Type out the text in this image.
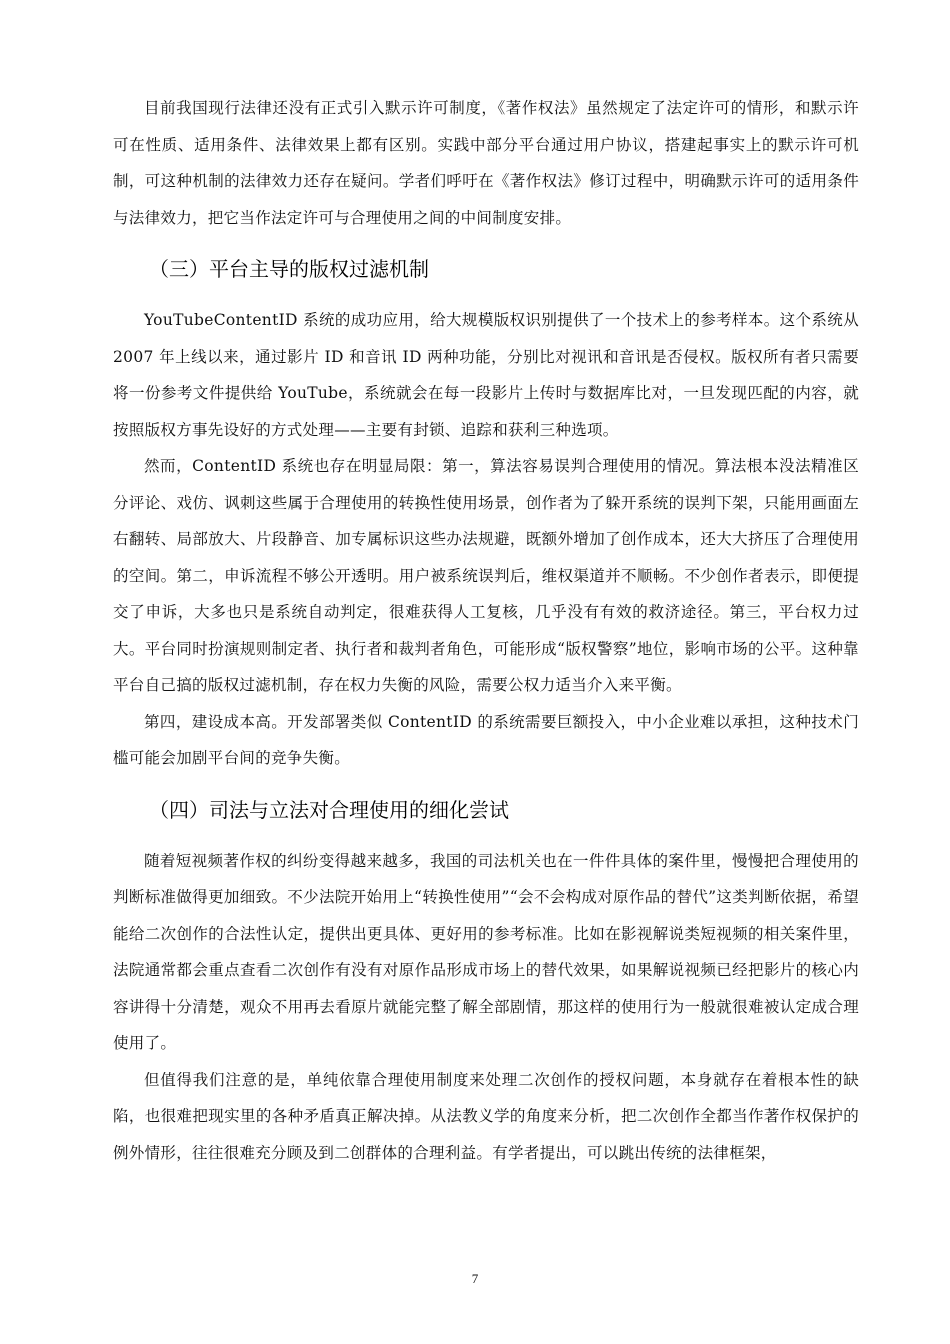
目前我国现行法律还没有正式引入默示许可制度，《著作权法》虽然规定了法定许可的情形，和默示许可在性质、适用条件、法律效果上都有区别。实践中部分平台通过用户协议，搭建起事实上的默示许可机制，可这种机制的法律效力还存在疑问。学者们呼吁在《著作权法》修订过程中，明确默示许可的适用条件与法律效力，把它当作法定许可与合理使用之间的中间制度安排。

（三）平台主导的版权过滤机制

YouTubeContentID 系统的成功应用，给大规模版权识别提供了一个技术上的参考样本。这个系统从 2007 年上线以来，通过影片 ID 和音讯 ID 两种功能，分别比对视讯和音讯是否侵权。版权所有者只需要将一份参考文件提供给 YouTube，系统就会在每一段影片上传时与数据库比对，一旦发现匹配的内容，就按照版权方事先设好的方式处理——主要有封锁、追踪和获利三种选项。

然而，ContentID 系统也存在明显局限：第一，算法容易误判合理使用的情况。算法根本没法精准区分评论、戏仿、讽刺这些属于合理使用的转换性使用场景，创作者为了躲开系统的误判下架，只能用画面左右翻转、局部放大、片段静音、加专属标识这些办法规避，既额外增加了创作成本，还大大挤压了合理使用的空间。第二，申诉流程不够公开透明。用户被系统误判后，维权渠道并不顺畅。不少创作者表示，即便提交了申诉，大多也只是系统自动判定，很难获得人工复核，几乎没有有效的救济途径。第三，平台权力过大。平台同时扮演规则制定者、执行者和裁判者角色，可能形成“版权警察”地位，影响市场的公平。这种靠平台自己搞的版权过滤机制，存在权力失衡的风险，需要公权力适当介入来平衡。

第四，建设成本高。开发部署类似 ContentID 的系统需要巨额投入，中小企业难以承担，这种技术门槛可能会加剧平台间的竞争失衡。

（四）司法与立法对合理使用的细化尝试

随着短视频著作权的纠纷变得越来越多，我国的司法机关也在一件件具体的案件里，慢慢把合理使用的判断标准做得更加细致。不少法院开始用上“转换性使用”“会不会构成对原作品的替代”这类判断依据，希望能给二次创作的合法性认定，提供出更具体、更好用的参考标准。比如在影视解说类短视频的相关案件里，法院通常都会重点查看二次创作有没有对原作品形成市场上的替代效果，如果解说视频已经把影片的核心内容讲得十分清楚，观众不用再去看原片就能完整了解全部剧情，那这样的使用行为一般就很难被认定成合理使用了。

但值得我们注意的是，单纯依靠合理使用制度来处理二次创作的授权问题，本身就存在着根本性的缺陷，也很难把现实里的各种矛盾真正解决掉。从法教义学的角度来分析，把二次创作全都当作著作权保护的例外情形，往往很难充分顾及到二创群体的合理利益。有学者提出，可以跳出传统的法律框架，

7
